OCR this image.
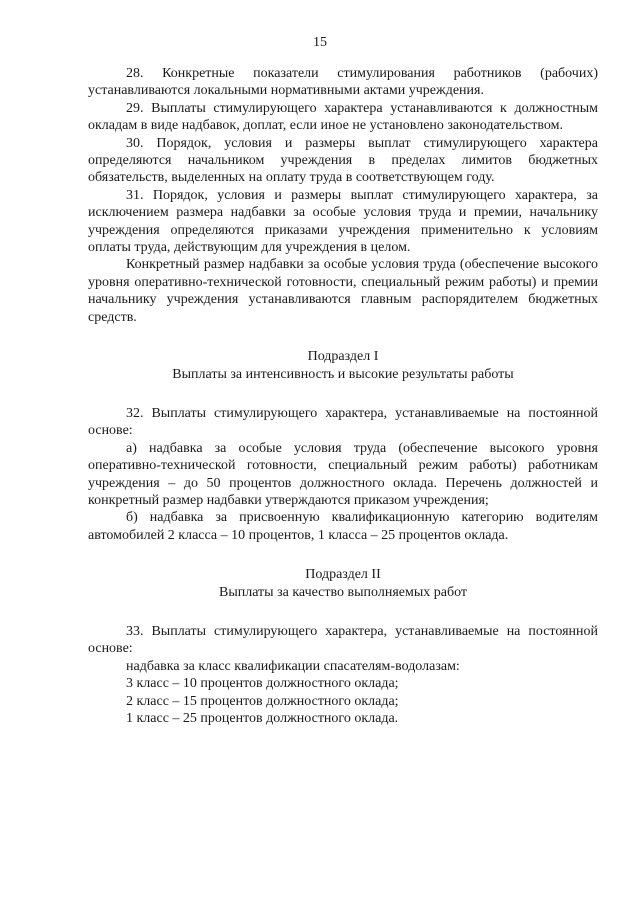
15

28. Конкретные показатели стимулирования работников (рабочих) устанавливаются локальными нормативными актами учреждения.

29. Выплаты стимулирующего характера устанавливаются к должностным окладам в виде надбавок, доплат, если иное не установлено законодательством.

30. Порядок, условия и размеры выплат стимулирующего характера определяются начальником учреждения в пределах лимитов бюджетных обязательств, выделенных на оплату труда в соответствующем году.

31. Порядок, условия и размеры выплат стимулирующего характера, за исключением размера надбавки за особые условия труда и премии, начальнику учреждения определяются приказами учреждения применительно к условиям оплаты труда, действующим для учреждения в целом.

Конкретный размер надбавки за особые условия труда (обеспечение высокого уровня оперативно-технической готовности, специальный режим работы) и премии начальнику учреждения устанавливаются главным распорядителем бюджетных средств.

Подраздел I
Выплаты за интенсивность и высокие результаты работы

32. Выплаты стимулирующего характера, устанавливаемые на постоянной основе:

а) надбавка за особые условия труда (обеспечение высокого уровня оперативно-технической готовности, специальный режим работы) работникам учреждения – до 50 процентов должностного оклада. Перечень должностей и конкретный размер надбавки утверждаются приказом учреждения;

б) надбавка за присвоенную квалификационную категорию водителям автомобилей 2 класса – 10 процентов, 1 класса – 25 процентов оклада.

Подраздел II
Выплаты за качество выполняемых работ

33. Выплаты стимулирующего характера, устанавливаемые на постоянной основе:

надбавка за класс квалификации спасателям-водолазам:

3 класс – 10 процентов должностного оклада;

2 класс – 15 процентов должностного оклада;

1 класс – 25 процентов должностного оклада.
